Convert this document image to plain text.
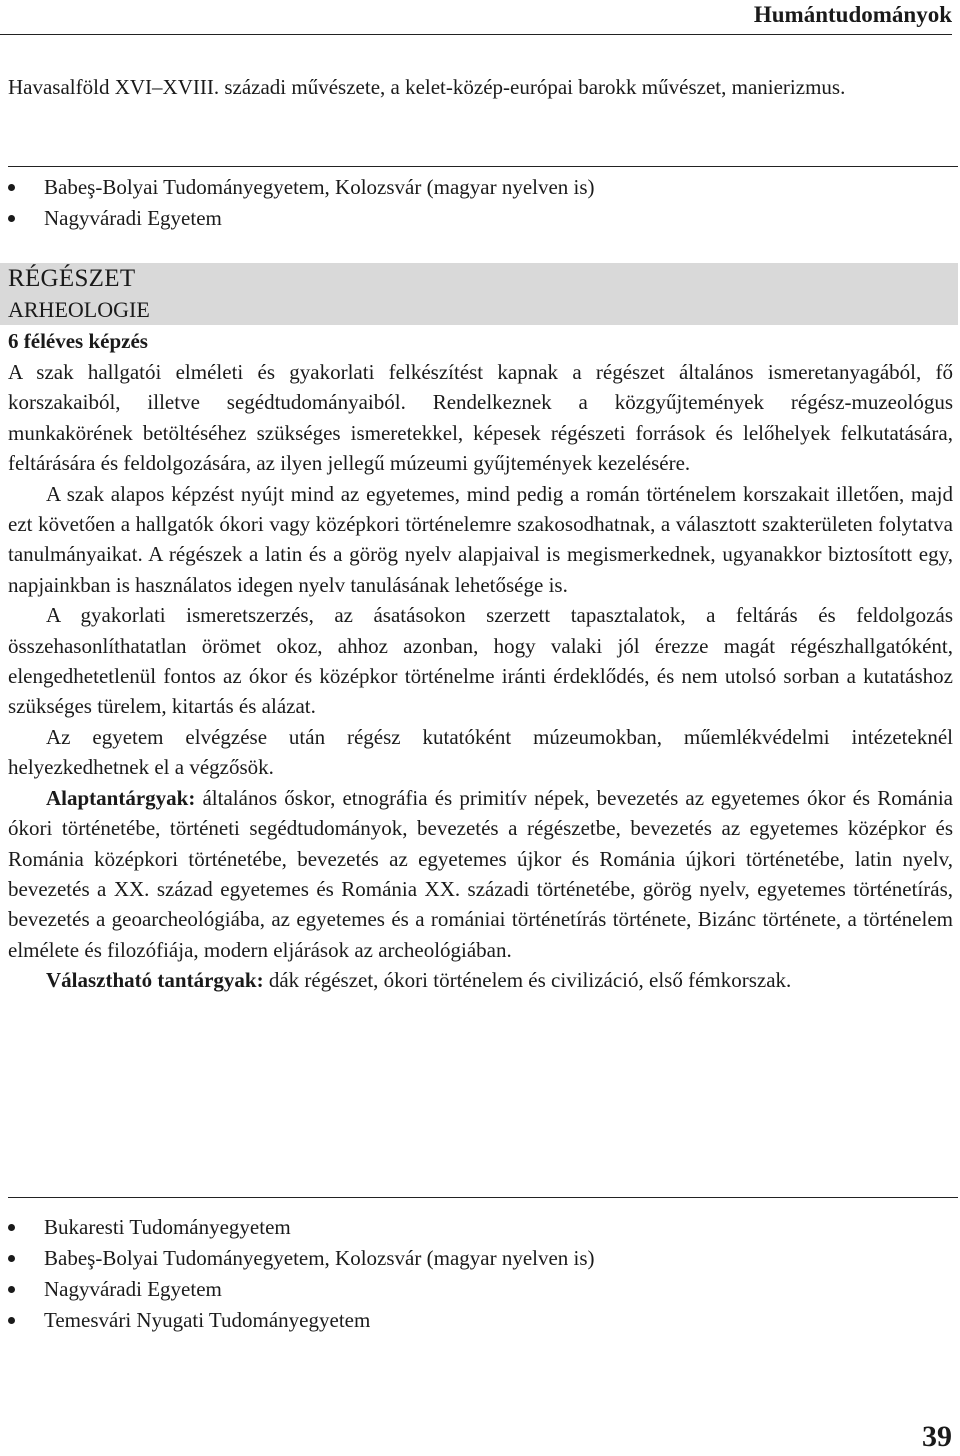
Humántudományok

Havasalföld XVI–XVIII. századi művészete, a kelet-közép-európai barokk művészet, manierizmus.

Babeş-Bolyai Tudományegyetem, Kolozsvár (magyar nyelven is)
Nagyváradi Egyetem
RÉGÉSZET
ARHEOLOGIE
6 féléves képzés

A szak hallgatói elméleti és gyakorlati felkészítést kapnak a régészet általános ismeretanyagából, fő korszakaiból, illetve segédtudományaiból. Rendelkeznek a közgyűjtemények régész-muzeológus munkakörének betöltéséhez szükséges ismeretekkel, képesek régészeti források és lelőhelyek felkutatására, feltárására és feldolgozására, az ilyen jellegű múzeumi gyűjtemények kezelésére.

A szak alapos képzést nyújt mind az egyetemes, mind pedig a román történelem korszakait illetően, majd ezt követően a hallgatók ókori vagy középkori történelemre szakosodhatnak, a választott szakterületen folytatva tanulmányaikat. A régészek a latin és a görög nyelv alapjaival is megismerkednek, ugyanakkor biztosított egy, napjainkban is használatos idegen nyelv tanulásának lehetősége is.

A gyakorlati ismeretszerzés, az ásatásokon szerzett tapasztalatok, a feltárás és feldolgozás összehasonlíthatatlan örömet okoz, ahhoz azonban, hogy valaki jól érezze magát régészhallgatóként, elengedhetetlenül fontos az ókor és középkor történelme iránti érdeklődés, és nem utolsó sorban a kutatáshoz szükséges türelem, kitartás és alázat.

Az egyetem elvégzése után régész kutatóként múzeumokban, műemlékvédelmi intézeteknél helyezkedhetnek el a végzősök.

Alaptantárgyak: általános őskor, etnográfia és primitív népek, bevezetés az egyetemes ókor és Románia ókori történetébe, történeti segédtudományok, bevezetés a régészetbe, bevezetés az egyetemes középkor és Románia középkori történetébe, bevezetés az egyetemes újkor és Románia újkori történetébe, latin nyelv, bevezetés a XX. század egyetemes és Románia XX. századi történetébe, görög nyelv, egyetemes történetírás, bevezetés a geoarcheológiába, az egyetemes és a romániai történetírás története, Bizánc története, a történelem elmélete és filozófiája, modern eljárások az archeológiában.

Választható tantárgyak: dák régészet, ókori történelem és civilizáció, első fémkorszak.

Bukaresti Tudományegyetem
Babeş-Bolyai Tudományegyetem, Kolozsvár (magyar nyelven is)
Nagyváradi Egyetem
Temesvári Nyugati Tudományegyetem
39
